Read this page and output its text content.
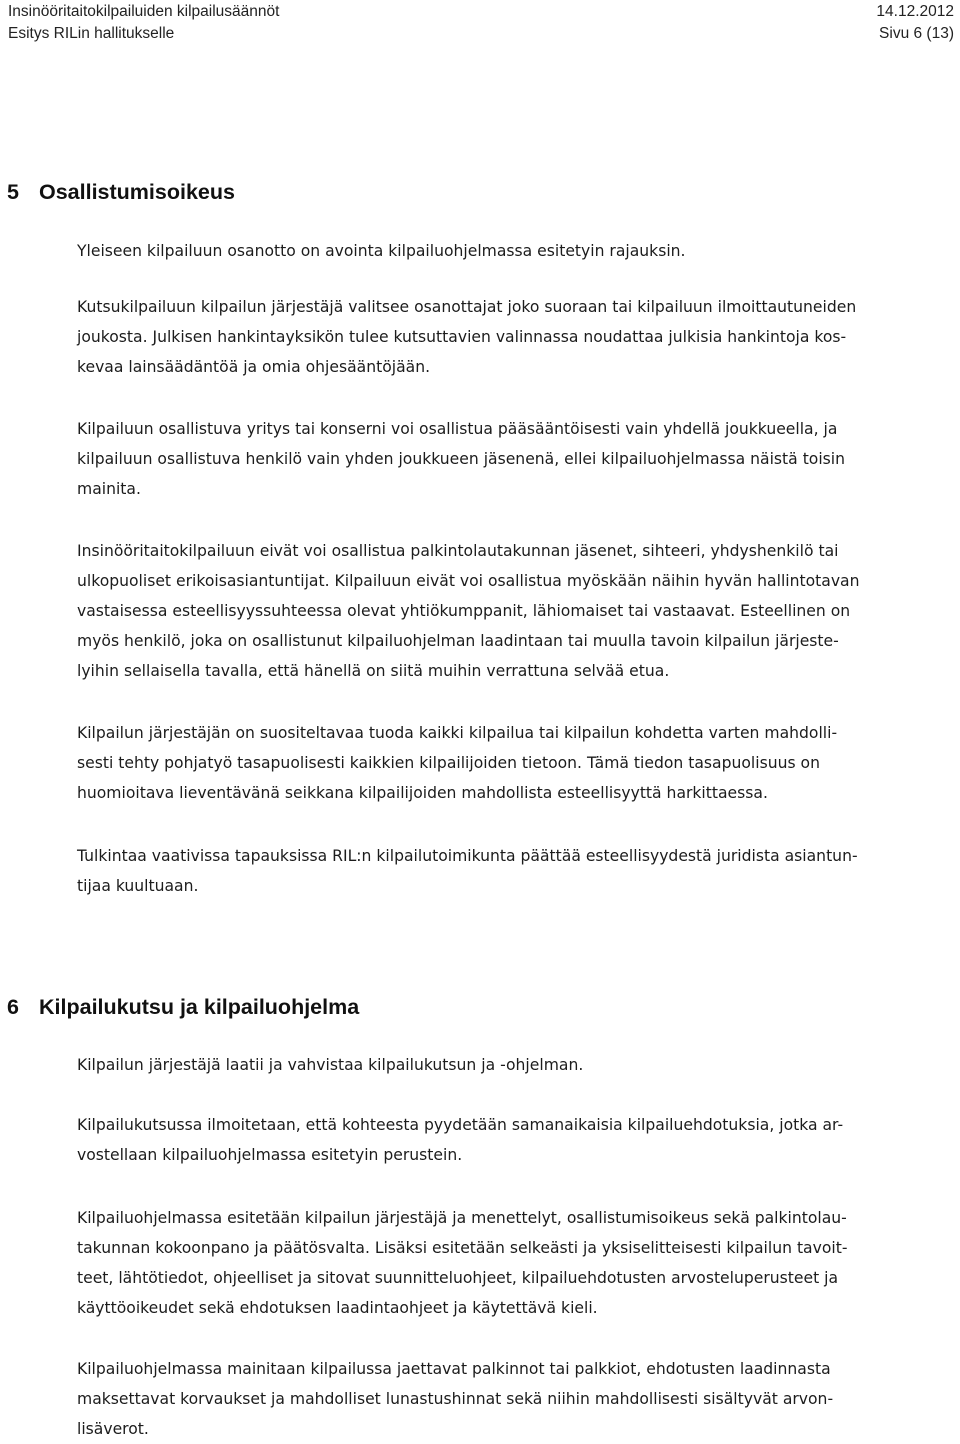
Insinööritaitokilpailuiden kilpailusäännöt	14.12.2012
Esitys RILin hallitukselle	Sivu 6 (13)
5 Osallistumisoikeus
Yleiseen kilpailuun osanotto on avointa kilpailuohjelmassa esitetyin rajauksin.
Kutsukilpailuun kilpailun järjestäjä valitsee osanottajat joko suoraan tai kilpailuun ilmoittautuneiden
joukosta. Julkisen hankintayksikön tulee kutsuttavien valinnassa noudattaa julkisia hankintoja kos-
kevaa lainsäädäntöä ja omia ohjesääntöjään.
Kilpailuun osallistuva yritys tai konserni voi osallistua pääsääntöisesti vain yhdellä joukkueella, ja
kilpailuun osallistuva henkilö vain yhden joukkueen jäsenenä, ellei kilpailuohjelmassa näistä toisin
mainita.
Insinööritaitokilpailuun eivät voi osallistua palkintolautakunnan jäsenet, sihteeri, yhdyshenkilö tai
ulkopuoliset erikoisasiantuntijat. Kilpailuun eivät voi osallistua myöskään näihin hyvän hallintotavan
vastaisessa esteellisyyssuhteessa olevat yhtiökumppanit, lähiomaiset tai vastaavat. Esteellinen on
myös henkilö, joka on osallistunut kilpailuohjelman laadintaan tai muulla tavoin kilpailun järjeste-
lyihin sellaisella tavalla, että hänellä on siitä muihin verrattuna selvää etua.
Kilpailun järjestäjän on suositeltavaa tuoda kaikki kilpailua tai kilpailun kohdetta varten mahdolli-
sesti tehty pohjatyö tasapuolisesti kaikkien kilpailijoiden tietoon. Tämä tiedon tasapuolisuus on
huomioitava lieventävänä seikkana kilpailijoiden mahdollista esteellisyyttä harkittaessa.
Tulkintaa vaativissa tapauksissa RIL:n kilpailutoimikunta päättää esteellisyydestä juridista asiantun-
tijaa kuultuaan.
6 Kilpailukutsu ja kilpailuohjelma
Kilpailun järjestäjä laatii ja vahvistaa kilpailukutsun ja -ohjelman.
Kilpailukutsussa ilmoitetaan, että kohteesta pyydetään samanaikaisia kilpailuehdotuksia, jotka ar-
vostellaan kilpailuohjelmassa esitetyin perustein.
Kilpailuohjelmassa esitetään kilpailun järjestäjä ja menettelyt, osallistumisoikeus sekä palkintolau-
takunnan kokoonpano ja päätösvalta. Lisäksi esitetään selkeästi ja yksiselitteisesti kilpailun tavoit-
teet, lähtötiedot, ohjeelliset ja sitovat suunnitteluohjeet, kilpailuehdotusten arvosteluperusteet ja
käyttöoikeudet sekä ehdotuksen laadintaohjeet ja käytettävä kieli.
Kilpailuohjelmassa mainitaan kilpailussa jaettavat palkinnot tai palkkiot, ehdotusten laadinnasta
maksettavat korvaukset ja mahdolliset lunastushinnat sekä niihin mahdollisesti sisältyvät arvon-
lisäverot.
